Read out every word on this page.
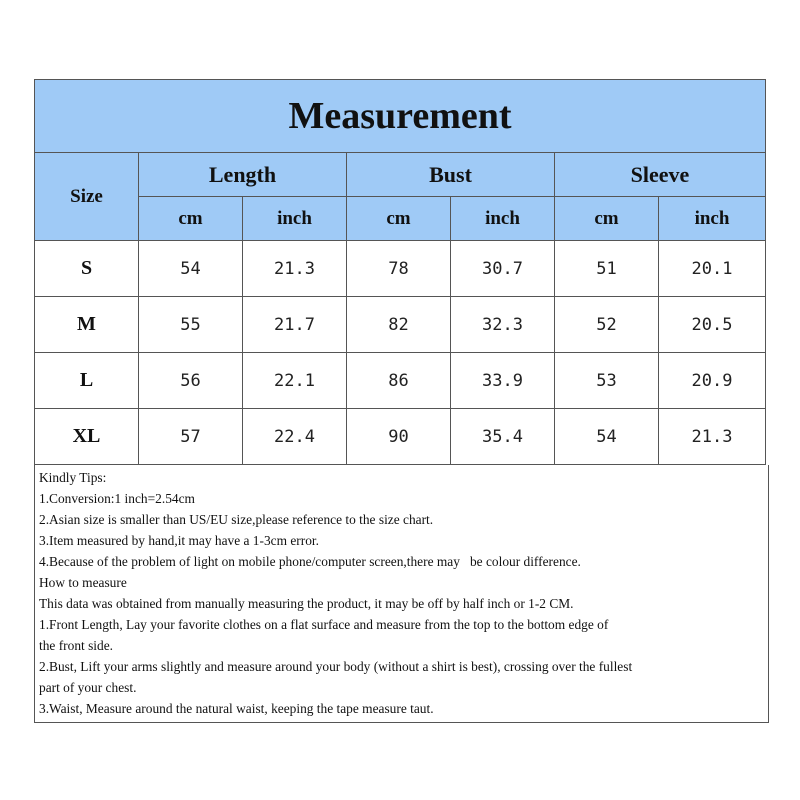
Measurement						
Size	Length		Bust		Sleeve	
	cm	inch	cm	inch	cm	inch
S	54	21.3	78	30.7	51	20.1
M	55	21.7	82	32.3	52	20.5
L	56	22.1	86	33.9	53	20.9
XL	57	22.4	90	35.4	54	21.3
Kindly Tips:
1.Conversion:1 inch=2.54cm
2.Asian size is smaller than US/EU size,please reference to the size chart.
3.Item measured by hand,it may have a 1-3cm error.
4.Because of the problem of light on mobile phone/computer screen,there may   be colour difference.
How to measure
This data was obtained from manually measuring the product, it may be off by half inch or 1-2 CM.
1.Front Length, Lay your favorite clothes on a flat surface and measure from the top to the bottom edge of
the front side.
2.Bust, Lift your arms slightly and measure around your body (without a shirt is best), crossing over the fullest
part of your chest.
3.Waist, Measure around the natural waist, keeping the tape measure taut.
